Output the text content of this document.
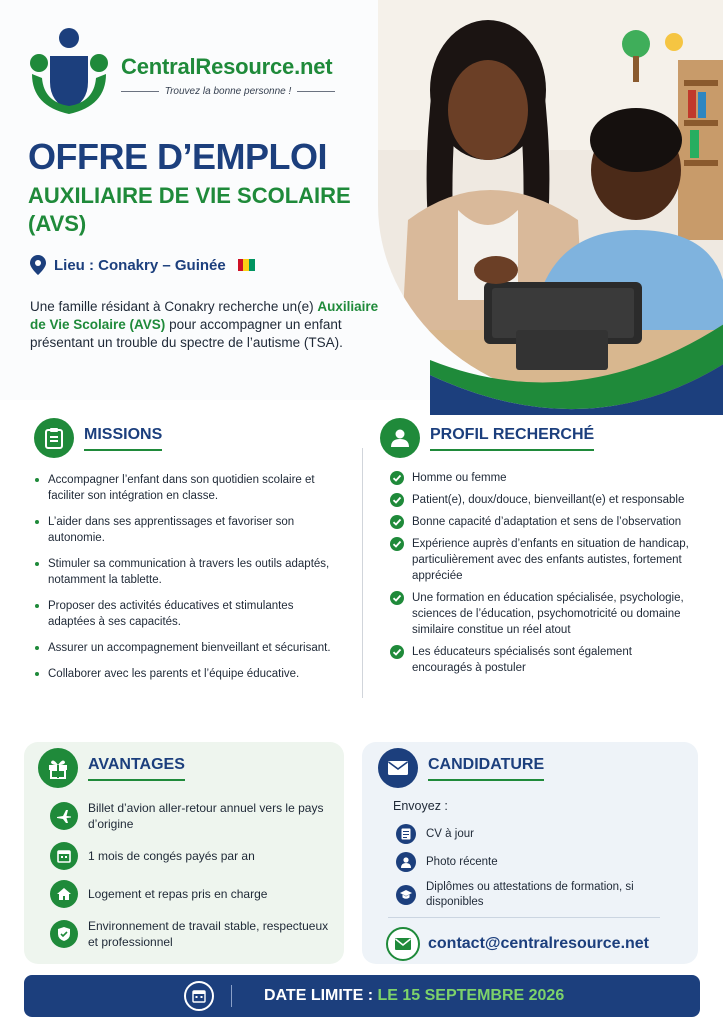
CentralResource.net
Trouvez la bonne personne !
OFFRE D’EMPLOI
AUXILIAIRE DE VIE SCOLAIRE (AVS)
Lieu : Conakry – Guinée

Une famille résidant à Conakry recherche un(e) Auxiliaire de Vie Scolaire (AVS) pour accompagner un enfant présentant un trouble du spectre de l’autisme (TSA).

MISSIONS
Accompagner l’enfant dans son quotidien scolaire et faciliter son intégration en classe.
L’aider dans ses apprentissages et favoriser son autonomie.
Stimuler sa communication à travers les outils adaptés, notamment la tablette.
Proposer des activités éducatives et stimulantes adaptées à ses capacités.
Assurer un accompagnement bienveillant et sécurisant.
Collaborer avec les parents et l’équipe éducative.
PROFIL RECHERCHÉ
Homme ou femme
Patient(e), doux/douce, bienveillant(e) et responsable
Bonne capacité d’adaptation et sens de l’observation
Expérience auprès d’enfants en situation de handicap, particulièrement avec des enfants autistes, fortement appréciée
Une formation en éducation spécialisée, psychologie, sciences de l’éducation, psychomotricité ou domaine similaire constitue un réel atout
Les éducateurs spécialisés sont également encouragés à postuler
AVANTAGES
Billet d’avion aller-retour annuel vers le pays d’origine
1 mois de congés payés par an
Logement et repas pris en charge
Environnement de travail stable, respectueux et professionnel
CANDIDATURE
Envoyez :
CV à jour
Photo récente
Diplômes ou attestations de formation, si disponibles
contact@centralresource.net
DATE LIMITE : LE 15 SEPTEMBRE 2026
